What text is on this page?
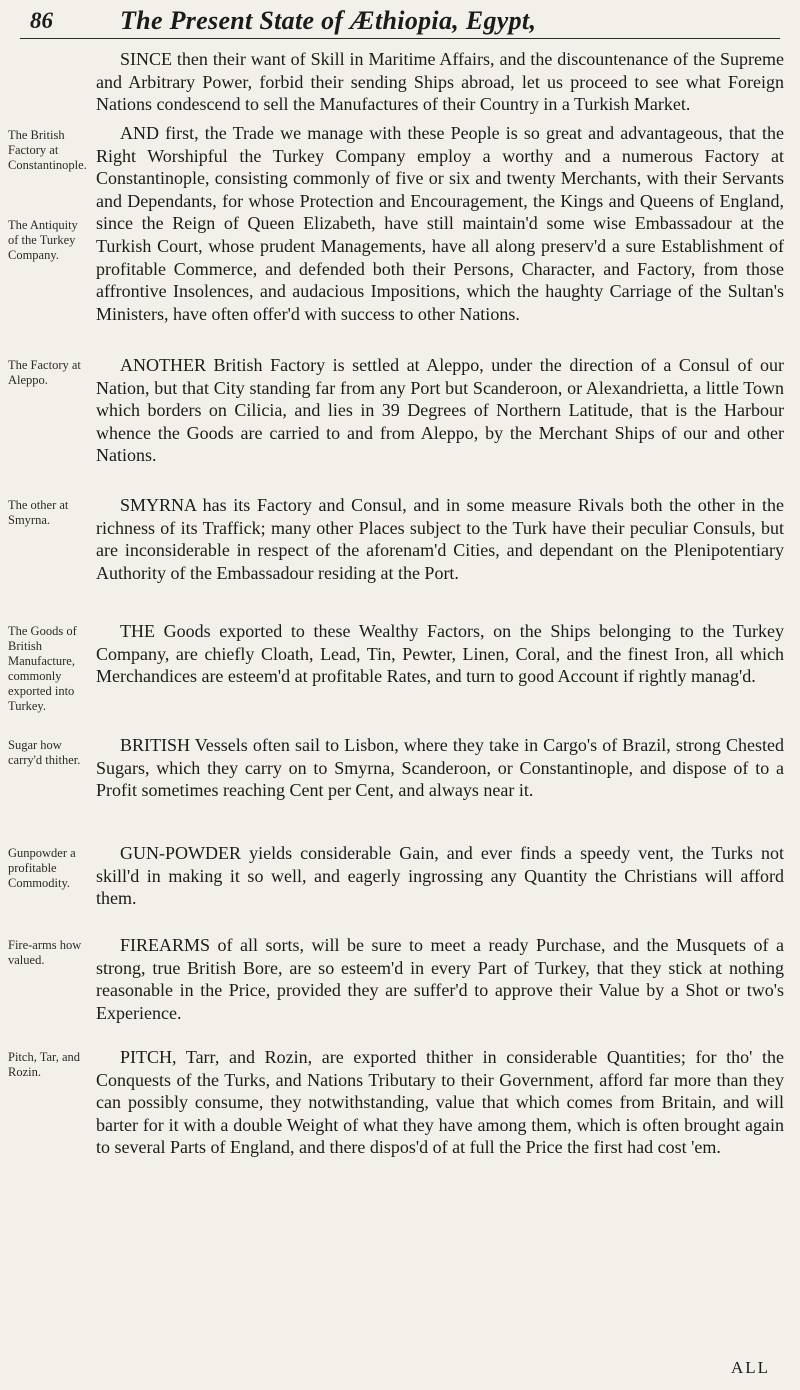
86	The Present State of Æthiopia, Egypt,

SINCE then their want of Skill in Maritime Affairs, and the discountenance of the Supreme and Arbitrary Power, forbid their sending Ships abroad, let us proceed to see what Foreign Nations condescend to sell the Manufactures of their Country in a Turkish Market.

The British Factory at Constantinople.

AND first, the Trade we manage with these People is so great and advantageous, that the Right Worshipful the Turkey Company employ a worthy and a numerous Factory at Constantinople, consisting commonly of five or six and twenty Merchants, with their Servants and Dependants, for whose Protection and Encouragement, the Kings and Queens of England, since the Reign of Queen Elizabeth, have still maintain'd some wise Embassadour at the Turkish Court, whose prudent Managements, have all along preserv'd a sure Establishment of profitable Commerce, and defended both their Persons, Character, and Factory, from those affrontive Insolences, and audacious Impositions, which the haughty Carriage of the Sultan's Ministers, have often offer'd with success to other Nations.

The Antiquity of the Turkey Company.
The Factory at Aleppo.

ANOTHER British Factory is settled at Aleppo, under the direction of a Consul of our Nation, but that City standing far from any Port but Scanderoon, or Alexandrietta, a little Town which borders on Cilicia, and lies in 39 Degrees of Northern Latitude, that is the Harbour whence the Goods are carried to and from Aleppo, by the Merchant Ships of our and other Nations.

The other at Smyrna.

SMYRNA has its Factory and Consul, and in some measure Rivals both the other in the richness of its Traffick; many other Places subject to the Turk have their peculiar Consuls, but are inconsiderable in respect of the aforenam'd Cities, and dependant on the Plenipotentiary Authority of the Embassadour residing at the Port.

The Goods of British Manufacture, commonly exported into Turkey.

THE Goods exported to these Wealthy Factors, on the Ships belonging to the Turkey Company, are chiefly Cloath, Lead, Tin, Pewter, Linen, Coral, and the finest Iron, all which Merchandices are esteem'd at profitable Rates, and turn to good Account if rightly manag'd.

Sugar how carry'd thither.

BRITISH Vessels often sail to Lisbon, where they take in Cargo's of Brazil, strong Chested Sugars, which they carry on to Smyrna, Scanderoon, or Constantinople, and dispose of to a Profit sometimes reaching Cent per Cent, and always near it.

Gunpowder a profitable Commodity.

GUN-POWDER yields considerable Gain, and ever finds a speedy vent, the Turks not skill'd in making it so well, and eagerly ingrossing any Quantity the Christians will afford them.

Fire-arms how valued.

FIREARMS of all sorts, will be sure to meet a ready Purchase, and the Musquets of a strong, true British Bore, are so esteem'd in every Part of Turkey, that they stick at nothing reasonable in the Price, provided they are suffer'd to approve their Value by a Shot or two's Experience.

Pitch, Tar, and Rozin.

PITCH, Tarr, and Rozin, are exported thither in considerable Quantities; for tho' the Conquests of the Turks, and Nations Tributary to their Government, afford far more than they can possibly consume, they notwithstanding, value that which comes from Britain, and will barter for it with a double Weight of what they have among them, which is often brought again to several Parts of England, and there dispos'd of at full the Price the first had cost 'em.

ALL
